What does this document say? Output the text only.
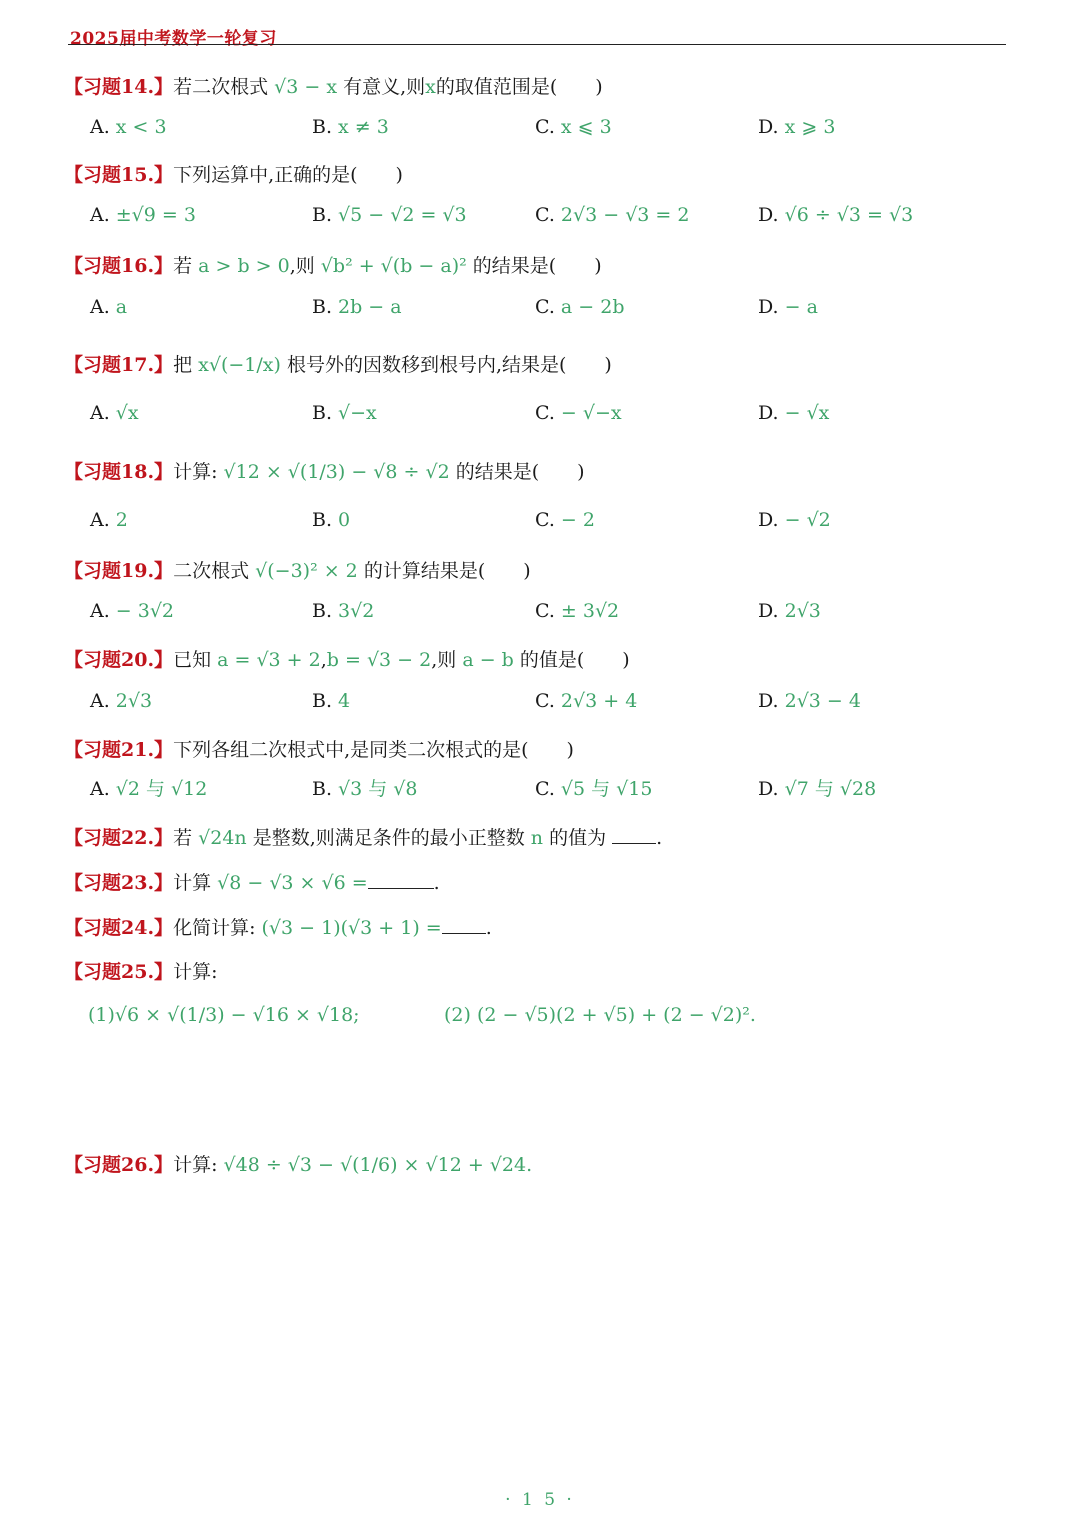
2025届中考数学一轮复习
【习题14.】若二次根式 √3 − x 有意义,则x的取值范围是(　　)
A. x < 3	B. x ≠ 3	C. x ⩽ 3	D. x ⩾ 3
【习题15.】下列运算中,正确的是(　　)
A. ±√9 = 3	B. √5 − √2 = √3	C. 2√3 − √3 = 2	D. √6 ÷ √3 = √3
【习题16.】若 a > b > 0,则 √b² + √(b − a)² 的结果是(　　)
A. a	B. 2b − a	C. a − 2b	D. − a
【习题17.】把 x√(−1/x) 根号外的因数移到根号内,结果是(　　)
A. √x	B. √−x	C. − √−x	D. − √x
【习题18.】计算: √12 × √(1/3) − √8 ÷ √2 的结果是(　　)
A. 2	B. 0	C. − 2	D. − √2
【习题19.】二次根式 √(−3)² × 2 的计算结果是(　　)
A. − 3√2	B. 3√2	C. ± 3√2	D. 2√3
【习题20.】已知 a = √3 + 2,b = √3 − 2,则 a − b 的值是(　　)
A. 2√3	B. 4	C. 2√3 + 4	D. 2√3 − 4
【习题21.】下列各组二次根式中,是同类二次根式的是(　　)
A. √2 与 √12	B. √3 与 √8	C. √5 与 √15	D. √7 与 √28
【习题22.】若 √24n 是整数,则满足条件的最小正整数 n 的值为	.
【习题23.】计算 √8 − √3 × √6 =	.
【习题24.】化简计算: (√3 − 1)(√3 + 1) = .
【习题25.】计算:
(1)√6 × √(1/3) − √16 × √18;	(2) (2 − √5)(2 + √5) + (2 − √2)².
【习题26.】计算: √48 ÷ √3 − √(1/6) × √12 + √24.
· 1 5 ·
